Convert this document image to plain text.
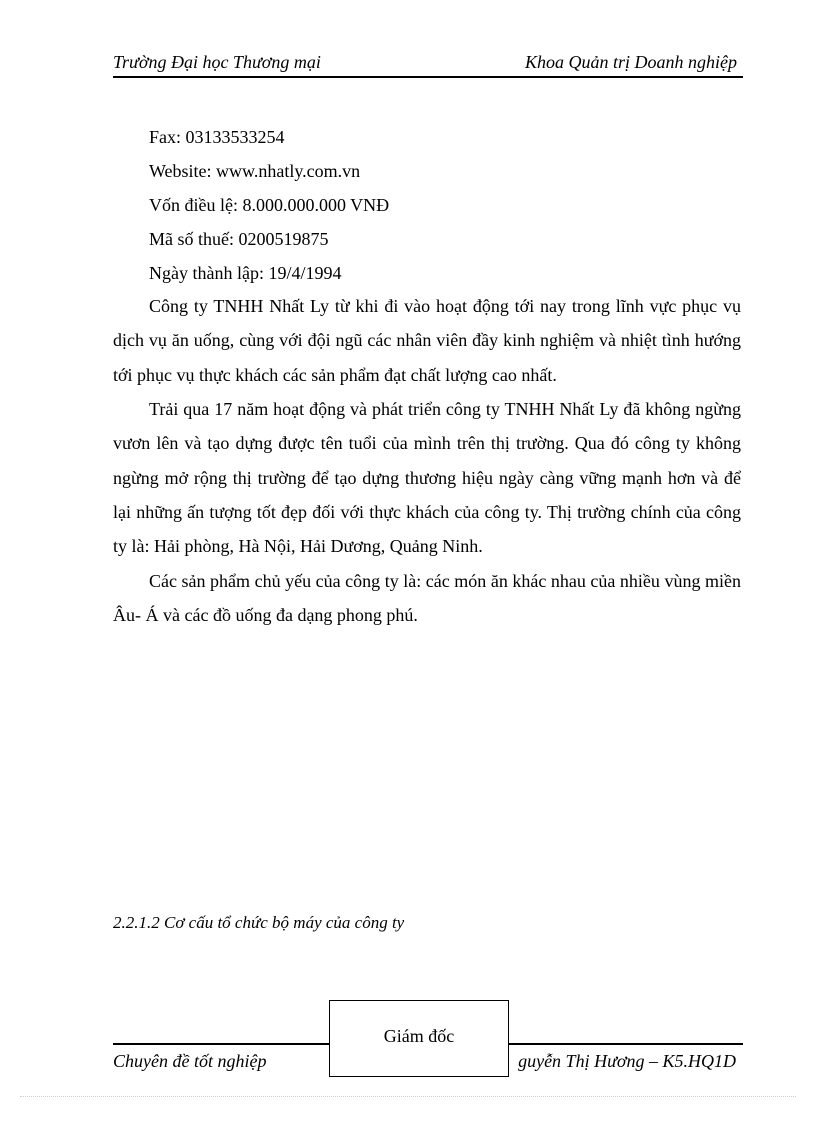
Trường Đại học Thương mại	Khoa Quản trị Doanh nghiệp
Fax: 03133533254
Website: www.nhatly.com.vn
Vốn điều lệ: 8.000.000.000 VNĐ
Mã số thuế: 0200519875
Ngày thành lập: 19/4/1994
Công ty TNHH Nhất Ly từ khi đi vào hoạt động tới nay trong lĩnh vực phục vụ dịch vụ ăn uống, cùng với đội ngũ các nhân viên đầy kinh nghiệm và nhiệt tình hướng tới phục vụ thực khách các sản phẩm đạt chất lượng cao nhất.
Trải qua 17 năm hoạt động và phát triển công ty TNHH Nhất Ly đã không ngừng vươn lên và tạo dựng được tên tuổi của mình trên thị trường. Qua đó công ty không ngừng mở rộng thị trường để tạo dựng thương hiệu ngày càng vững mạnh hơn và để lại những ấn tượng tốt đẹp đối với thực khách của công ty. Thị trường chính của công ty là: Hải phòng, Hà Nội, Hải Dương, Quảng Ninh.
Các sản phẩm chủ yếu của công ty là: các món ăn khác nhau của nhiều vùng miền Âu- Á và các đồ uống đa dạng phong phú.
2.2.1.2 Cơ cấu tổ chức bộ máy của công ty
Chuyên đề tốt nghiệp	guyễn Thị Hương – K5.HQ1D
Giám đốc
